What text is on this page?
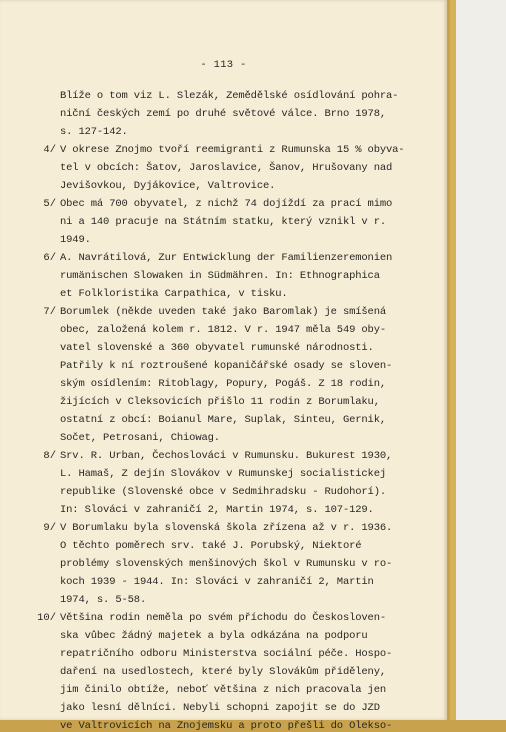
- 113 -
Blíže o tom viz L. Slezák, Zemědělské osídlování pohra-
niční českých zemí po druhé světové válce. Brno 1978,
s. 127-142.
4/ V okrese Znojmo tvoří reemigranti z Rumunska 15 % obyva-
tel v obcích: Šatov, Jaroslavice, Šanov, Hrušovany nad
Jevišovkou, Dyjákovice, Valtrovice.
5/ Obec má 700 obyvatel, z nichž 74 dojíždí za prací mimo
ni a 140 pracuje na Státním statku, který vznikl v r.
1949.
6/ A. Navrátilová, Zur Entwicklung der Familienzeremonien
rumänischen Slowaken in Südmähren. In: Ethnographica
et Folkloristika Carpathica, v tisku.
7/ Borumlek (někde uveden také jako Baromlak) je smíšená
obec, založená kolem r. 1812. V r. 1947 měla 549 oby-
vatel slovenské a 360 obyvatel rumunské národnosti.
Patřily k ní roztroušené kopaničářské osady se sloven-
ským osídlením: Ritoblagy, Popury, Pogáš. Z 18 rodin,
žijících v Cleksovicích přišlo 11 rodin z Borumlaku,
ostatní z obcí: Boianul Mare, Suplak, Sinteu, Gernik,
Sočet, Petrosani, Chiowag.
8/ Srv. R. Urban, Čechoslováci v Rumunsku. Bukurest 1930,
L. Hamaš, Z dejín Slovákov v Rumunskej socialistickej
republike (Slovenské obce v Sedmihradsku - Rudohorí).
In: Slováci v zahraničí 2, Martin 1974, s. 107-129.
9/ V Borumlaku byla slovenská škola zřízena až v r. 1936.
O těchto poměrech srv. také J. Porubský, Niektoré
problémy slovenských menšinových škol v Rumunsku v ro-
koch 1939 - 1944. In: Slováci v zahraničí 2, Martin
1974, s. 5-58.
10/ Většina rodin neměla po svém příchodu do Českosloven-
ska vůbec žádný majetek a byla odkázána na podporu
repatričního odboru Ministerstva sociální péče. Hospo-
daření na usedlostech, které byly Slovákům přiděleny,
jim činilo obtíže, neboť většina z nich pracovala jen
jako lesní dělníci. Nebyli schopni zapojit se do JZD
ve Valtrovicích na Znojemsku a proto přešli do Olekso-
